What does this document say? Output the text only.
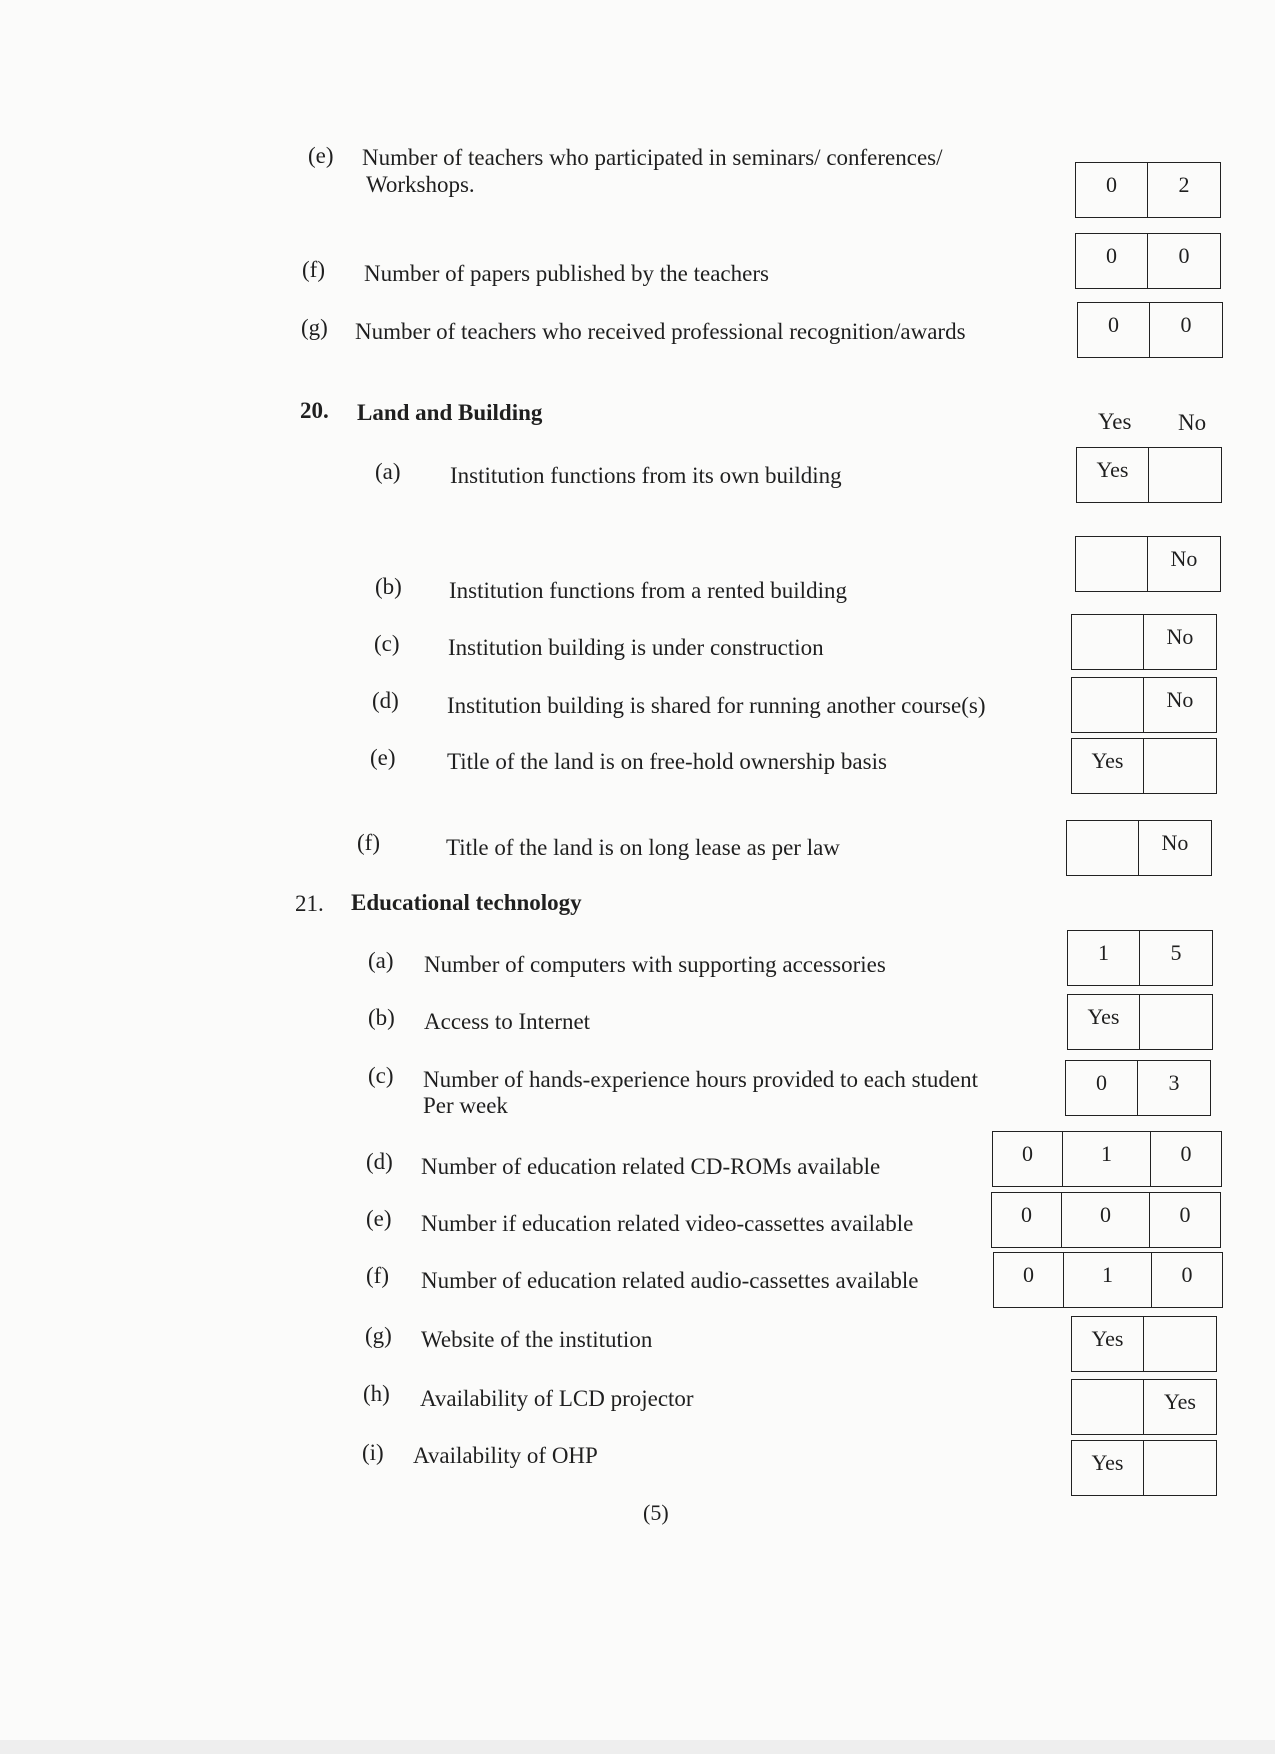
(e) Number of teachers who participated in seminars/ conferences/
Workshops.	0	2
(f) Number of papers published by the teachers
0	0
(g) Number of teachers who received professional recognition/awards	0	0
20. Land and Building	Yes No
(a) Institution functions from its own building	Yes
(b) Institution functions from a rented building
No
(c) Institution building is under construction	No
(d) Institution building is shared for running another course(s)	No
(e) Title of the land is on free-hold ownership basis	Yes
(f)	Title of the land is on long lease as per law	No
21. Educational technology
(a) Number of computers with supporting accessories	1	5
(b) Access to Internet	Yes
(c) Number of hands-experience hours provided to each student
Per week
0	3
(d) Number of education related CD-ROMs available
0	1	0
(e) Number if education related video-cassettes available	0	0	0
(f) Number of education related audio-cassettes available	0	1	0
(g) Website of the institution	Yes
(h) Availability of LCD projector	Yes
(i) Availability of OHP	Yes
(5)
